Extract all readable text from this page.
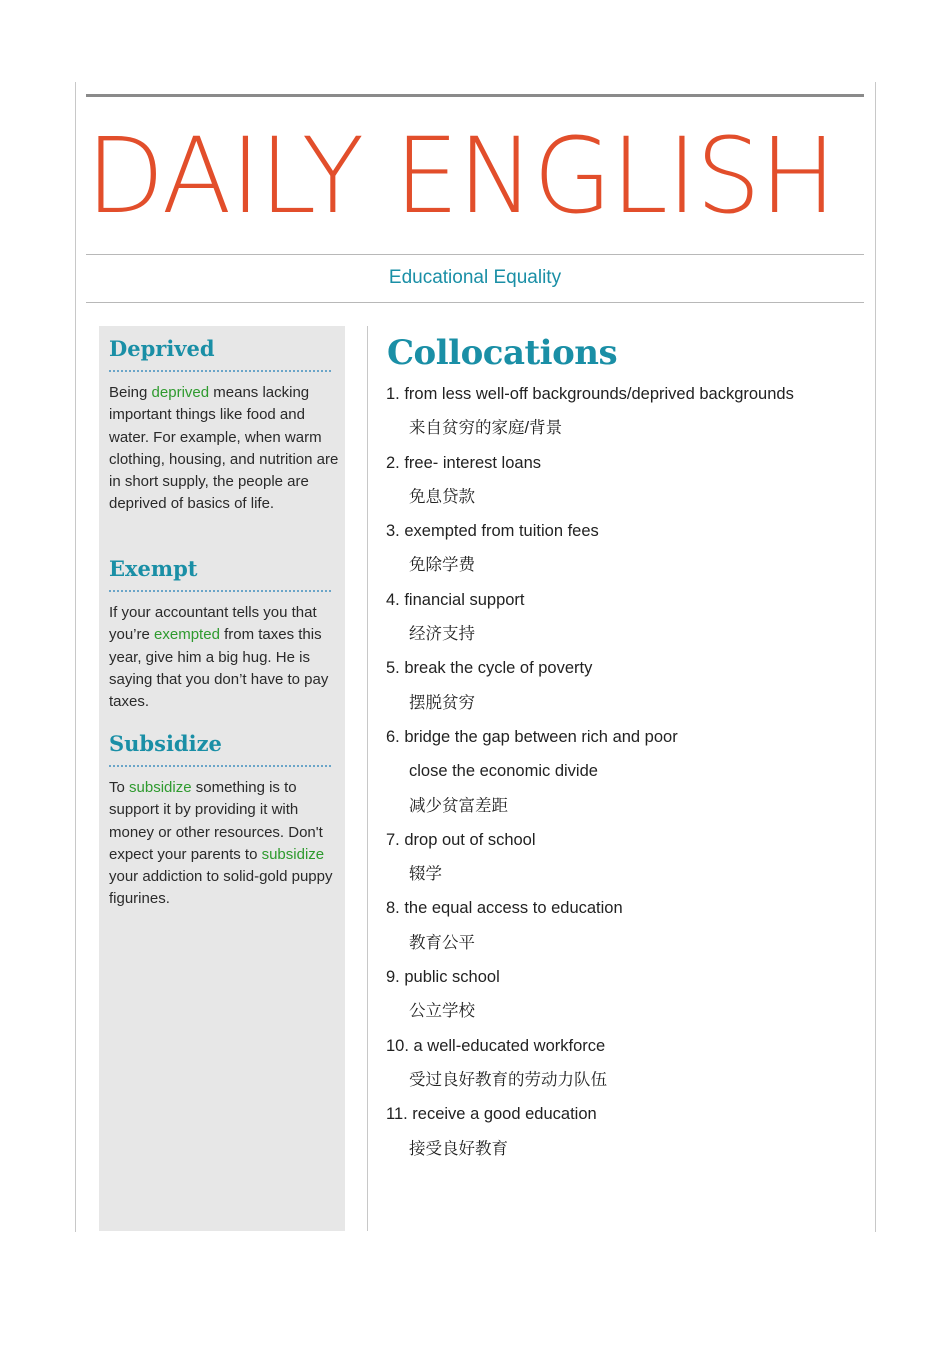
DAILY ENGLISH
Educational Equality
Deprived
Being deprived means lacking important things like food and water. For example, when warm clothing, housing, and nutrition are in short supply, the people are deprived of basics of life.
Exempt
If your accountant tells you that you’re exempted from taxes this year, give him a big hug. He is saying that you don’t have to pay taxes.
Subsidize
To subsidize something is to support it by providing it with money or other resources. Don't expect your parents to subsidize your addiction to solid-gold puppy figurines.
Collocations
1. from less well-off backgrounds/deprived backgrounds
来自贫穷的家庭/背景
2. free- interest loans
免息贷款
3. exempted from tuition fees
免除学费
4. financial support
经济支持
5. break the cycle of poverty
摆脱贫穷
6. bridge the gap between rich and poor
close the economic divide
减少贫富差距
7. drop out of school
辍学
8. the equal access to education
教育公平
9. public school
公立学校
10. a well-educated workforce
受过良好教育的劳动力队伍
11. receive a good education
接受良好教育
